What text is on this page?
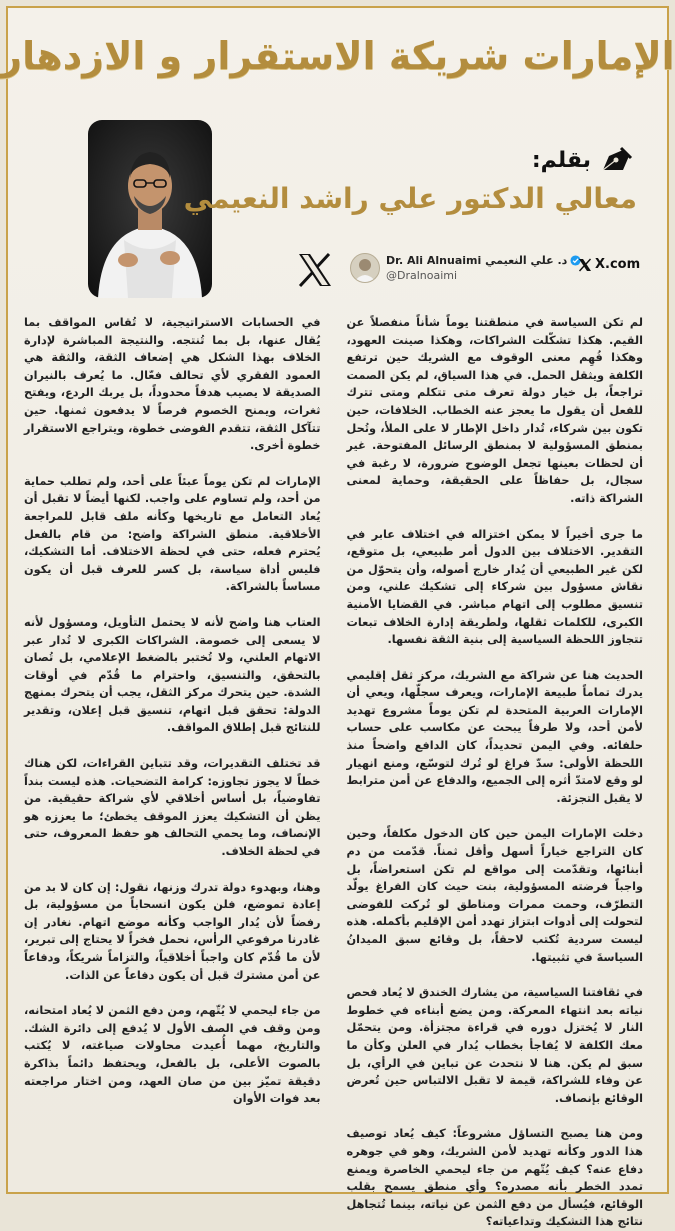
الإمارات شريكة الاستقرار و الازدهار
بقلم:
معالي الدكتور علي راشد النعيمي
Dr. Ali Alnuaimi د. علي النعيمي
@Dralnoaimi
X.com

لم تكن السياسة في منطقتنا يوماً شأناً منفصلاً عن القيم. هكذا تشكّلت الشراكات، وهكذا صينت العهود، وهكذا فُهِم معنى الوقوف مع الشريك حين ترتفع الكلفة ويثقل الحمل. في هذا السياق، لم يكن الصمت تراجعاً، بل خيار دولة تعرف متى تتكلم ومتى تترك للفعل أن يقول ما يعجز عنه الخطاب. الخلافات، حين تكون بين شركاء، تُدار داخل الإطار لا على الملأ، وتُحل بمنطق المسؤولية لا بمنطق الرسائل المفتوحة. غير أن لحظات بعينها تجعل الوضوح ضرورة، لا رغبة في سجال، بل حفاظاً على الحقيقة، وحماية لمعنى الشراكة ذاته.

ما جرى أخيراً لا يمكن اختزاله في اختلاف عابر في التقدير. الاختلاف بين الدول أمر طبيعي، بل متوقع، لكن غير الطبيعي أن يُدار خارج أصوله، وأن يتحوّل من نقاش مسؤول بين شركاء إلى تشكيك علني، ومن تنسيق مطلوب إلى اتهام مباشر. في القضايا الأمنية الكبرى، للكلمات ثقلها، ولطريقة إدارة الخلاف تبعات تتجاوز اللحظة السياسية إلى بنية الثقة نفسها.

الحديث هنا عن شراكة مع الشريك، مركز ثقل إقليمي يدرك تماماً طبيعة الإمارات، ويعرف سجلّها، ويعي أن الإمارات العربية المتحدة لم تكن يوماً مشروع تهديد لأمن أحد، ولا طرفاً يبحث عن مكاسب على حساب حلفائه. وفي اليمن تحديداً، كان الدافع واضحاً منذ اللحظة الأولى: سدّ فراغ لو تُرك لتوسّع، ومنع انهيار لو وقع لامتدّ أثره إلى الجميع، والدفاع عن أمن مترابط لا يقبل التجزئة.

دخلت الإمارات اليمن حين كان الدخول مكلفاً، وحين كان التراجع خياراً أسهل وأقل ثمناً. قدّمت من دم أبنائها، وتقدّمت إلى مواقع لم تكن استعراضاً، بل واجباً فرضته المسؤولية، بنت حيث كان الفراغ يولّد التطرّف، وحمت ممرات ومناطق لو تُركت للفوضى لتحولت إلى أدوات ابتزاز تهدد أمن الإقليم بأكمله. هذه ليست سردية تُكتب لاحقاً، بل وقائع سبق الميدانُ السياسةَ في تثبيتها.

في ثقافتنا السياسية، من يشارك الخندق لا يُعاد فحص نياته بعد انتهاء المعركة. ومن يضع أبناءه في خطوط النار لا يُختزل دوره في قراءة مجتزأة. ومن يتحمّل معك الكلفة لا يُفاجأ بخطاب يُدار في العلن وكأن ما سبق لم يكن. هنا لا نتحدث عن تباين في الرأي، بل عن وفاء للشراكة، قيمة لا تقبل الالتباس حين تُعرض الوقائع بإنصاف.

ومن هنا يصبح التساؤل مشروعاً: كيف يُعاد توصيف هذا الدور وكأنه تهديد لأمن الشريك، وهو في جوهره دفاع عنه؟ كيف يُتّهم من جاء ليحمي الخاصرة ويمنع تمدد الخطر بأنه مصدره؟ وأي منطق يسمح بقلب الوقائع، فيُسأل من دفع الثمن عن نياته، بينما تُتجاهل نتائج هذا التشكيك وتداعياته؟

في الحسابات الاستراتيجية، لا تُقاس المواقف بما يُقال عنها، بل بما تُنتجه. والنتيجة المباشرة لإدارة الخلاف بهذا الشكل هي إضعاف الثقة، والثقة هي العمود الفقري لأي تحالف فعّال. ما يُعرف بالنيران الصديقة لا يصيب هدفاً محدوداً، بل يربك الردع، ويفتح ثغرات، ويمنح الخصوم فرصاً لا يدفعون ثمنها. حين تتآكل الثقة، تتقدم الفوضى خطوة، ويتراجع الاستقرار خطوة أخرى.

الإمارات لم تكن يوماً عبئاً على أحد، ولم تطلب حماية من أحد، ولم تساوم على واجب. لكنها أيضاً لا تقبل أن يُعاد التعامل مع تاريخها وكأنه ملف قابل للمراجعة الأخلاقية. منطق الشراكة واضح: من قام بالفعل يُحترم فعله، حتى في لحظة الاختلاف. أما التشكيك، فليس أداة سياسة، بل كسر للعرف قبل أن يكون مساساً بالشراكة.

العتاب هنا واضح لأنه لا يحتمل التأويل، ومسؤول لأنه لا يسعى إلى خصومة. الشراكات الكبرى لا تُدار عبر الاتهام العلني، ولا تُختبر بالضغط الإعلامي، بل تُصان بالتحقق، والتنسيق، واحترام ما قُدّم في أوقات الشدة. حين يتحرك مركز الثقل، يجب أن يتحرك بمنهج الدولة: تحقق قبل اتهام، تنسيق قبل إعلان، وتقدير للنتائج قبل إطلاق المواقف.

قد تختلف التقديرات، وقد تتباين القراءات، لكن هناك خطاً لا يجوز تجاوزه: كرامة التضحيات. هذه ليست بنداً تفاوضياً، بل أساس أخلاقي لأي شراكة حقيقية. من يظن أن التشكيك يعزز الموقف يخطئ؛ ما يعززه هو الإنصاف، وما يحمي التحالف هو حفظ المعروف، حتى في لحظة الخلاف.

وهنا، وبهدوء دولة تدرك وزنها، نقول: إن كان لا بد من إعادة تموضع، فلن يكون انسحاباً من مسؤولية، بل رفضاً لأن يُدار الواجب وكأنه موضع اتهام. نغادر إن غادرنا مرفوعي الرأس، نحمل فخراً لا يحتاج إلى تبرير، لأن ما قُدّم كان واجباً أخلاقياً، والتزاماً شريكاً، ودفاعاً عن أمن مشترك قبل أن يكون دفاعاً عن الذات.

من جاء ليحمي لا يُتّهم، ومن دفع الثمن لا يُعاد امتحانه، ومن وقف في الصف الأول لا يُدفع إلى دائرة الشك. والتاريخ، مهما أُعيدت محاولات صياغته، لا يُكتب بالصوت الأعلى، بل بالفعل، ويحتفظ دائماً بذاكرة دقيقة تميّز بين من صان العهد، ومن اختار مراجعته بعد فوات الأوان
